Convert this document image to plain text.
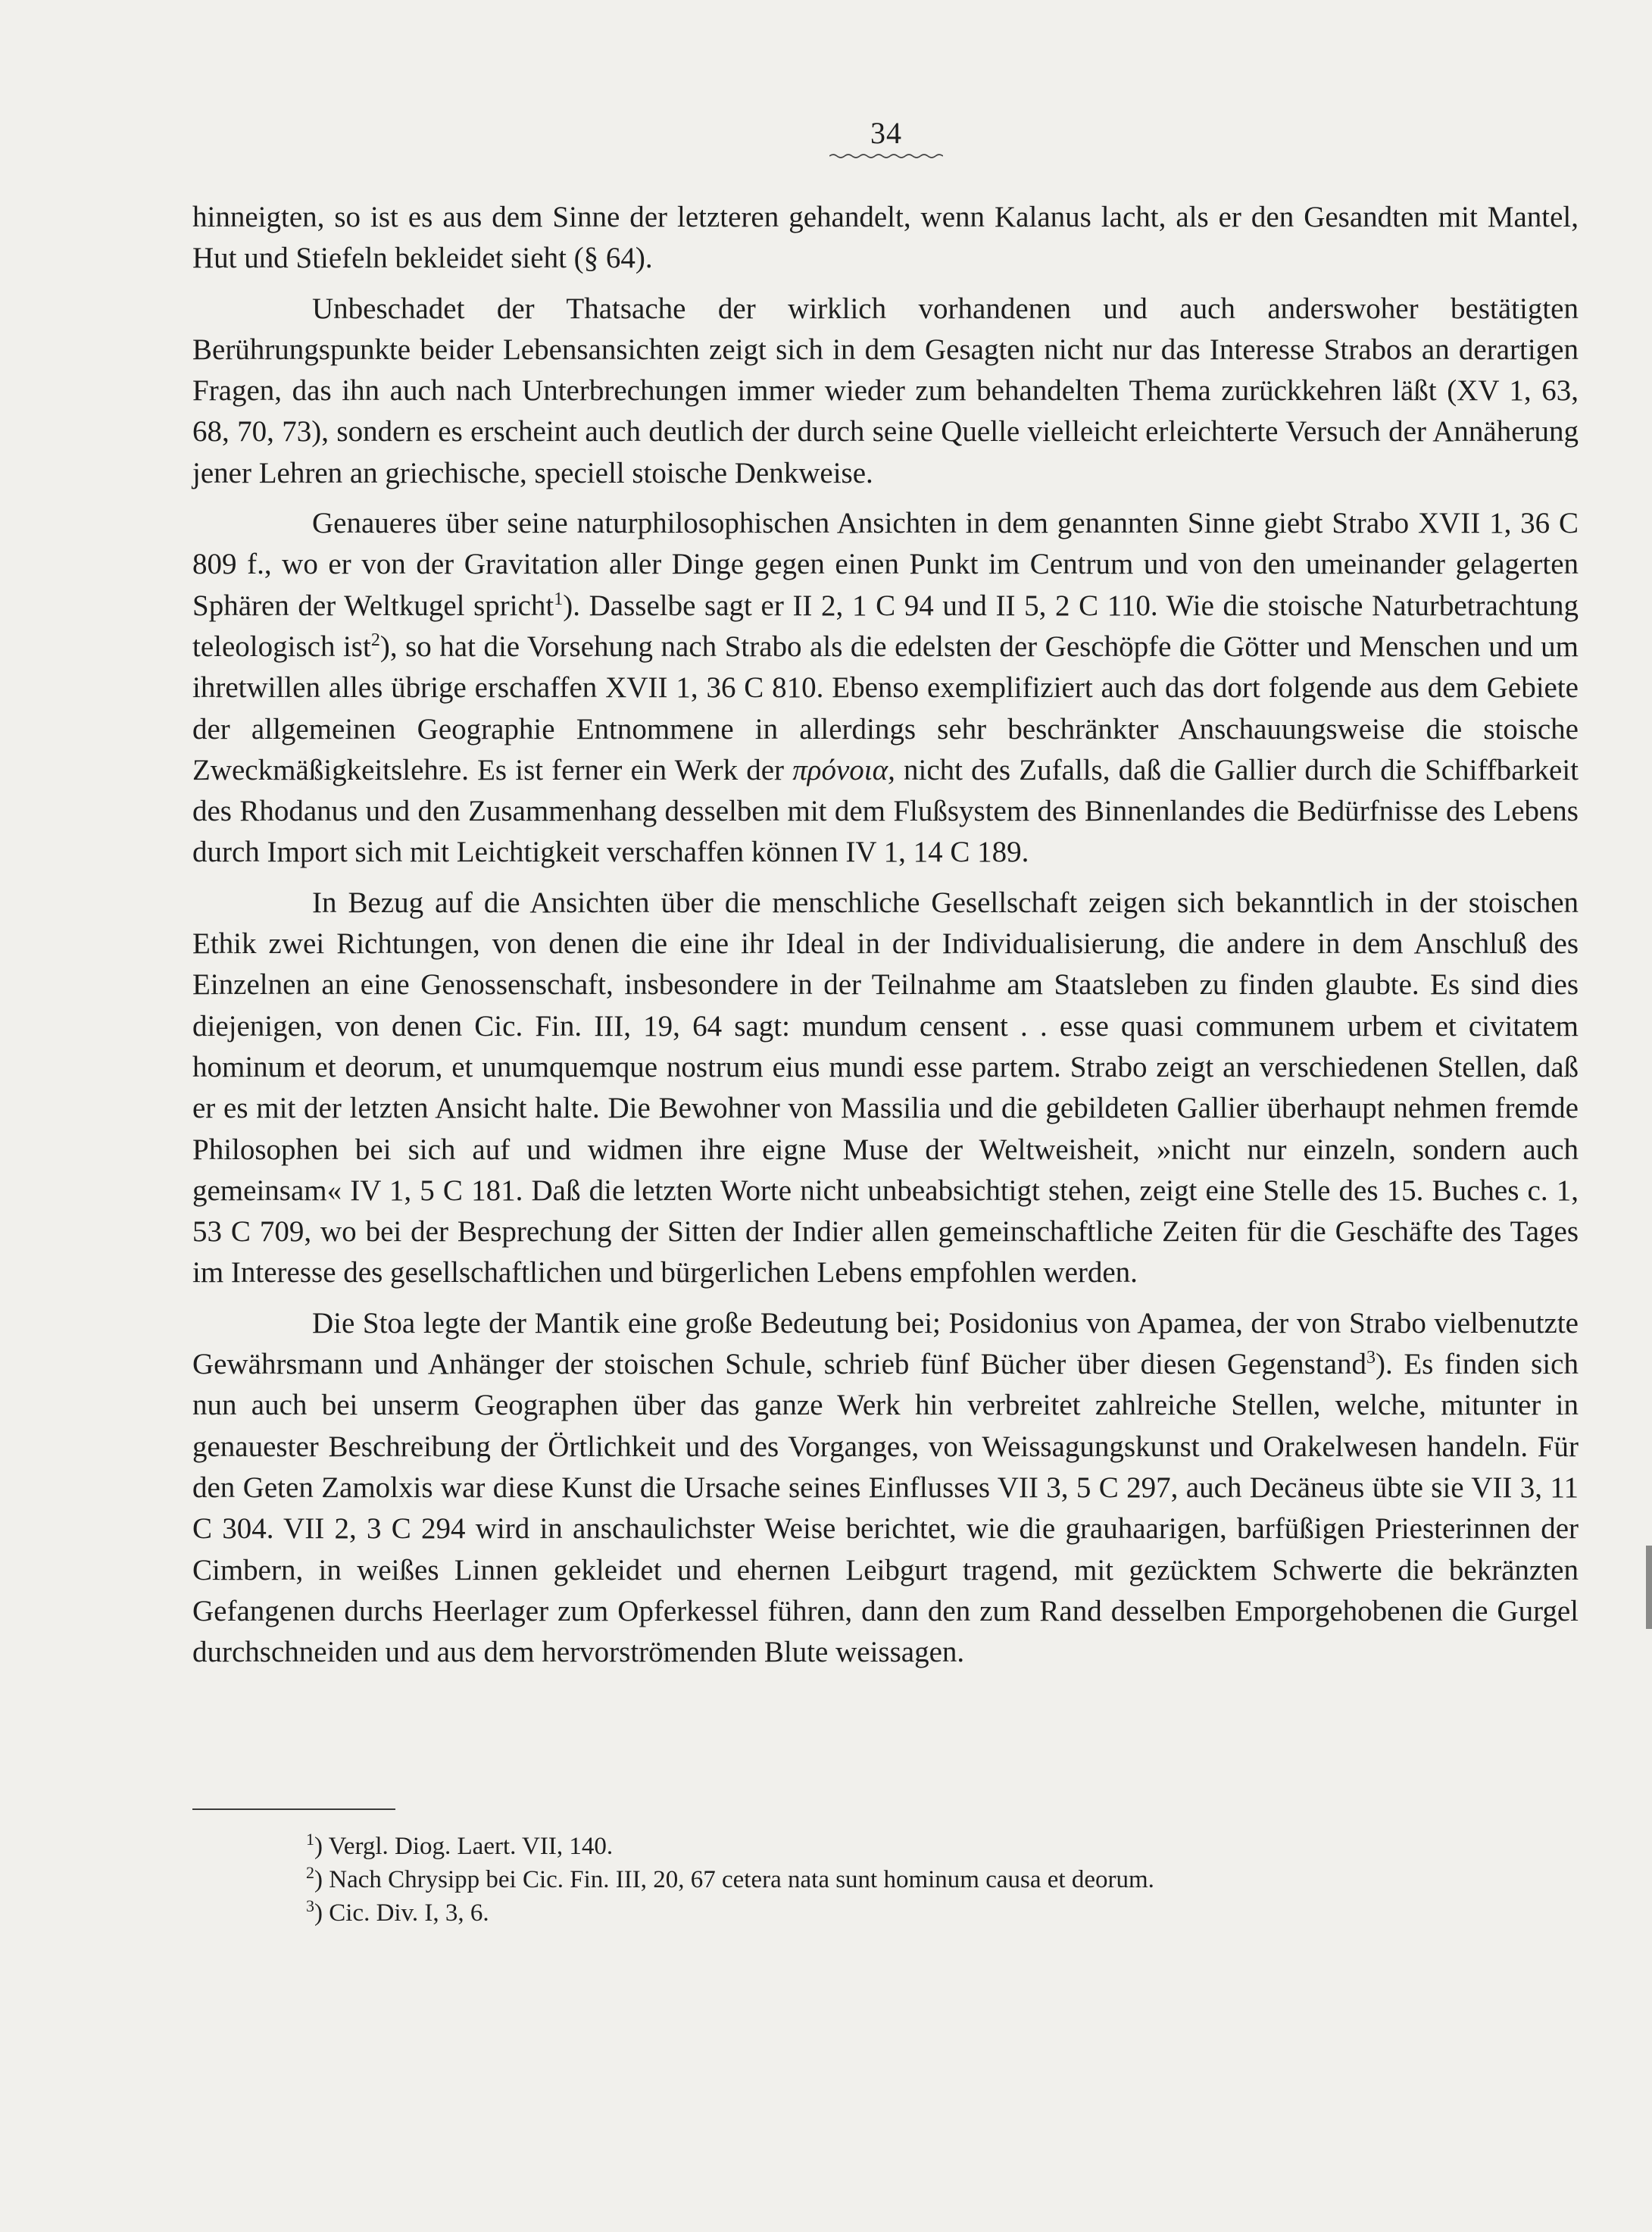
34

hinneigten, so ist es aus dem Sinne der letzteren gehandelt, wenn Kalanus lacht, als er den Gesandten mit Mantel, Hut und Stiefeln bekleidet sieht (§ 64).

Unbeschadet der Thatsache der wirklich vorhandenen und auch anderswoher bestätigten Berührungspunkte beider Lebensansichten zeigt sich in dem Gesagten nicht nur das Interesse Strabos an derartigen Fragen, das ihn auch nach Unterbrechungen immer wieder zum behandelten Thema zurückkehren läßt (XV 1, 63, 68, 70, 73), sondern es erscheint auch deutlich der durch seine Quelle vielleicht erleichterte Versuch der Annäherung jener Lehren an griechische, speciell stoische Denkweise.

Genaueres über seine naturphilosophischen Ansichten in dem genannten Sinne giebt Strabo XVII 1, 36 C 809 f., wo er von der Gravitation aller Dinge gegen einen Punkt im Centrum und von den umeinander gelagerten Sphären der Weltkugel spricht$^1$). Dasselbe sagt er II 2, 1 C 94 und II 5, 2 C 110. Wie die stoische Naturbetrachtung teleologisch ist$^2$), so hat die Vorsehung nach Strabo als die edelsten der Geschöpfe die Götter und Menschen und um ihretwillen alles übrige erschaffen XVII 1, 36 C 810. Ebenso exemplifiziert auch das dort folgende aus dem Gebiete der allgemeinen Geographie Entnommene in allerdings sehr beschränkter Anschauungsweise die stoische Zweckmäßigkeitslehre. Es ist ferner ein Werk der πρόνοια, nicht des Zufalls, daß die Gallier durch die Schiffbarkeit des Rhodanus und den Zusammenhang desselben mit dem Flußsystem des Binnenlandes die Bedürfnisse des Lebens durch Import sich mit Leichtigkeit verschaffen können IV 1, 14 C 189.

In Bezug auf die Ansichten über die menschliche Gesellschaft zeigen sich bekanntlich in der stoischen Ethik zwei Richtungen, von denen die eine ihr Ideal in der Individualisierung, die andere in dem Anschluß des Einzelnen an eine Genossenschaft, insbesondere in der Teilnahme am Staatsleben zu finden glaubte. Es sind dies diejenigen, von denen Cic. Fin. III, 19, 64 sagt: mundum censent . . esse quasi communem urbem et civitatem hominum et deorum, et unumquemque nostrum eius mundi esse partem. Strabo zeigt an verschiedenen Stellen, daß er es mit der letzten Ansicht halte. Die Bewohner von Massilia und die gebildeten Gallier überhaupt nehmen fremde Philosophen bei sich auf und widmen ihre eigne Muse der Weltweisheit, »nicht nur einzeln, sondern auch gemeinsam« IV 1, 5 C 181. Daß die letzten Worte nicht unbeabsichtigt stehen, zeigt eine Stelle des 15. Buches c. 1, 53 C 709, wo bei der Besprechung der Sitten der Indier allen gemeinschaftliche Zeiten für die Geschäfte des Tages im Interesse des gesellschaftlichen und bürgerlichen Lebens empfohlen werden.

Die Stoa legte der Mantik eine große Bedeutung bei; Posidonius von Apamea, der von Strabo vielbenutzte Gewährsmann und Anhänger der stoischen Schule, schrieb fünf Bücher über diesen Gegenstand$^3$). Es finden sich nun auch bei unserm Geographen über das ganze Werk hin verbreitet zahlreiche Stellen, welche, mitunter in genauester Beschreibung der Örtlichkeit und des Vorganges, von Weissagungskunst und Orakelwesen handeln. Für den Geten Zamolxis war diese Kunst die Ursache seines Einflusses VII 3, 5 C 297, auch Decäneus übte sie VII 3, 11 C 304. VII 2, 3 C 294 wird in anschaulichster Weise berichtet, wie die grauhaarigen, barfüßigen Priesterinnen der Cimbern, in weißes Linnen gekleidet und ehernen Leibgurt tragend, mit gezücktem Schwerte die bekränzten Gefangenen durchs Heerlager zum Opferkessel führen, dann den zum Rand desselben Emporgehobenen die Gurgel durchschneiden und aus dem hervorströmenden Blute weissagen.

$^1$) Vergl. Diog. Laert. VII, 140.
$^2$) Nach Chrysipp bei Cic. Fin. III, 20, 67 cetera nata sunt hominum causa et deorum.
$^3$) Cic. Div. I, 3, 6.
